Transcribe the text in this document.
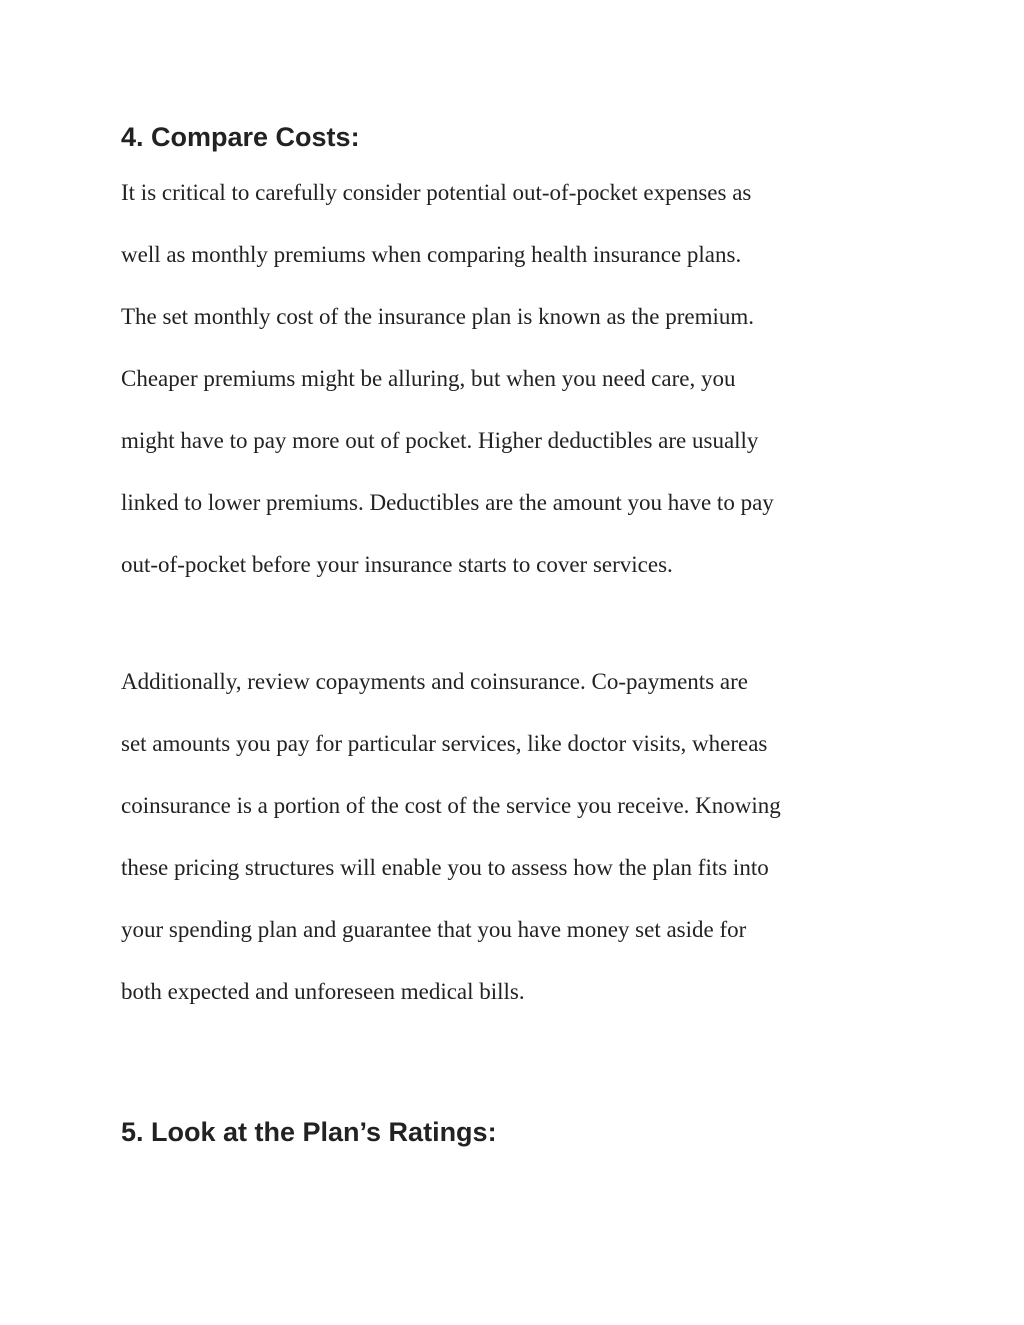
4. Compare Costs:
It is critical to carefully consider potential out-of-pocket expenses as
well as monthly premiums when comparing health insurance plans.
The set monthly cost of the insurance plan is known as the premium.
Cheaper premiums might be alluring, but when you need care, you
might have to pay more out of pocket. Higher deductibles are usually
linked to lower premiums. Deductibles are the amount you have to pay
out-of-pocket before your insurance starts to cover services.
Additionally, review copayments and coinsurance. Co-payments are
set amounts you pay for particular services, like doctor visits, whereas
coinsurance is a portion of the cost of the service you receive. Knowing
these pricing structures will enable you to assess how the plan fits into
your spending plan and guarantee that you have money set aside for
both expected and unforeseen medical bills.
5. Look at the Plan’s Ratings:
